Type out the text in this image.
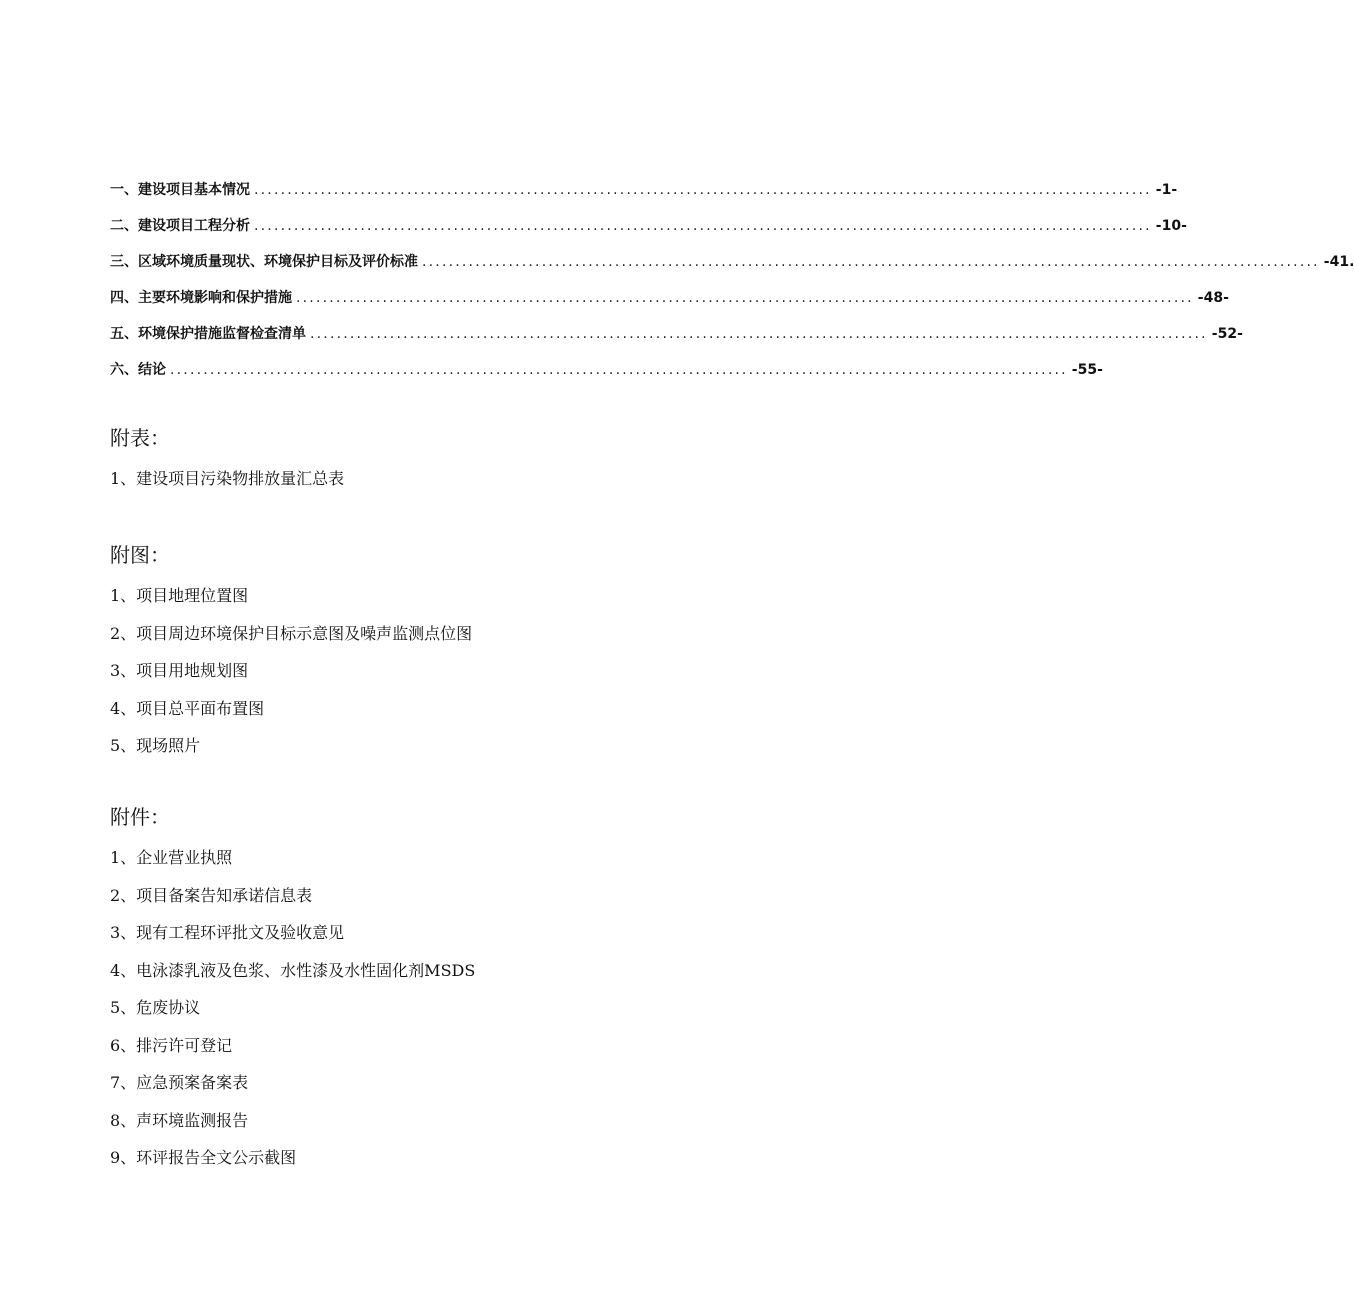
一、建设项目基本情况 ....................................................................................................................................... -1-
二、建设项目工程分析 ....................................................................................................................................... -10-
三、区域环境质量现状、环境保护目标及评价标准 ....................................................................................................................................... -41.
四、主要环境影响和保护措施 ....................................................................................................................................... -48-
五、环境保护措施监督检查清单 ....................................................................................................................................... -52-
六、结论 ....................................................................................................................................... -55-
附表：
1、建设项目污染物排放量汇总表
附图：
1、项目地理位置图
2、项目周边环境保护目标示意图及噪声监测点位图
3、项目用地规划图
4、项目总平面布置图
5、现场照片
附件：
1、企业营业执照
2、项目备案告知承诺信息表
3、现有工程环评批文及验收意见
4、电泳漆乳液及色浆、水性漆及水性固化剂MSDS
5、危废协议
6、排污许可登记
7、应急预案备案表
8、声环境监测报告
9、环评报告全文公示截图
